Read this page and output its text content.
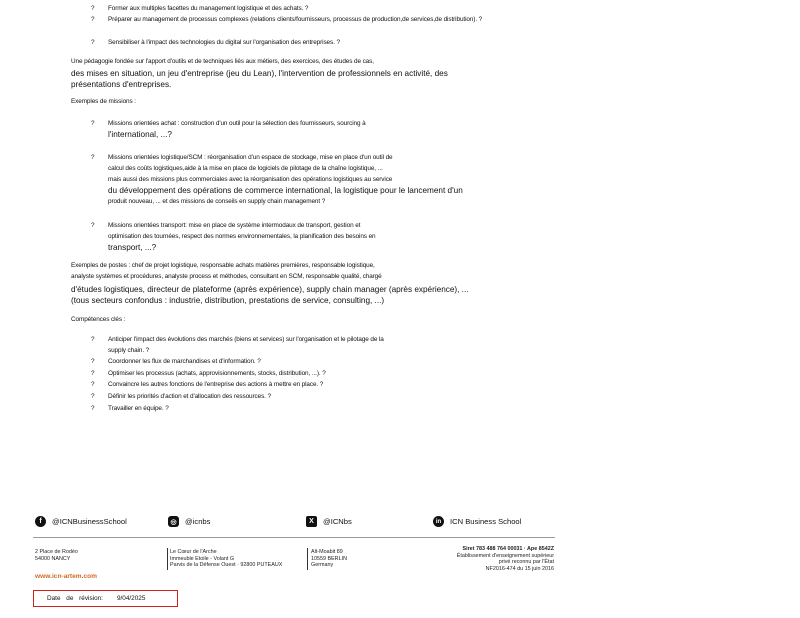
? Former aux multiples facettes du management logistique et des achats. ?
? Préparer au management de processus complexes (relations clients/fournisseurs, processus de production,de services,de distribution). ?
? Sensibiliser à l'impact des technologies du digital sur l'organisation des entreprises. ?
Une pédagogie fondée sur l'apport d'outils et de techniques liés aux métiers, des exercices, des études de cas,
des mises en situation, un jeu d'entreprise (jeu du Lean), l'intervention de professionnels en activité, des
présentations d'entreprises.
Exemples de missions :
? Missions orientées achat : construction d'un outil pour la sélection des fournisseurs, sourcing à
l'international, ...?
? Missions orientées logistique/SCM : réorganisation d'un espace de stockage, mise en place d'un outil de
calcul des coûts logistiques,aide à la mise en place de logiciels de pilotage de la chaîne logistique, ...
mais aussi des missions plus commerciales avec la réorganisation des opérations logistiques au service
du développement des opérations de commerce international, la logistique pour le lancement d'un
produit nouveau, ... et des missions de conseils en supply chain management ?
? Missions orientées transport: mise en place de système intermodaux de transport, gestion et
optimisation des tournées, respect des normes environnementales, la planification des besoins en
transport, ...?
Exemples de postes : chef de projet logistique, responsable achats matières premières, responsable logistique,
analyste systèmes et procédures, analyste process et méthodes, consultant en SCM, responsable qualité, chargé
d'études logistiques, directeur de plateforme (après expérience), supply chain manager (après expérience), ...
(tous secteurs confondus : industrie, distribution, prestations de service, consulting, ...)
Compétences clés :
? Anticiper l'impact des évolutions des marchés (biens et services) sur l'organisation et le pilotage de la
supply chain. ?
? Coordonner les flux de marchandises et d'information. ?
? Optimiser les processus (achats, approvisionnements, stocks, distribution, ...). ?
? Convaincre les autres fonctions de l'entreprise des actions à mettre en place. ?
? Définir les priorités d'action et d'allocation des ressources. ?
? Travailler en équipe. ?
f	@ICNBusinessSchool	◎	@icnbs	X	@ICNbs	in	ICN Business School
2 Place de Rodéo
54000 NANCY
Le Cœur de l'Arche
Immeuble Etoile - Volant G
Parvis de la Défense Ouest · 92800 PUTEAUX
Alt-Moabit 89
10559 BERLIN
Germany
Siret 783 488 764 00031 · Ape 8542Z
Établissement d'enseignement supérieur
privé reconnu par l'État
NF2016-474 du 15 juin 2016
www.icn-artem.com
Date de révision: 9/04/2025
